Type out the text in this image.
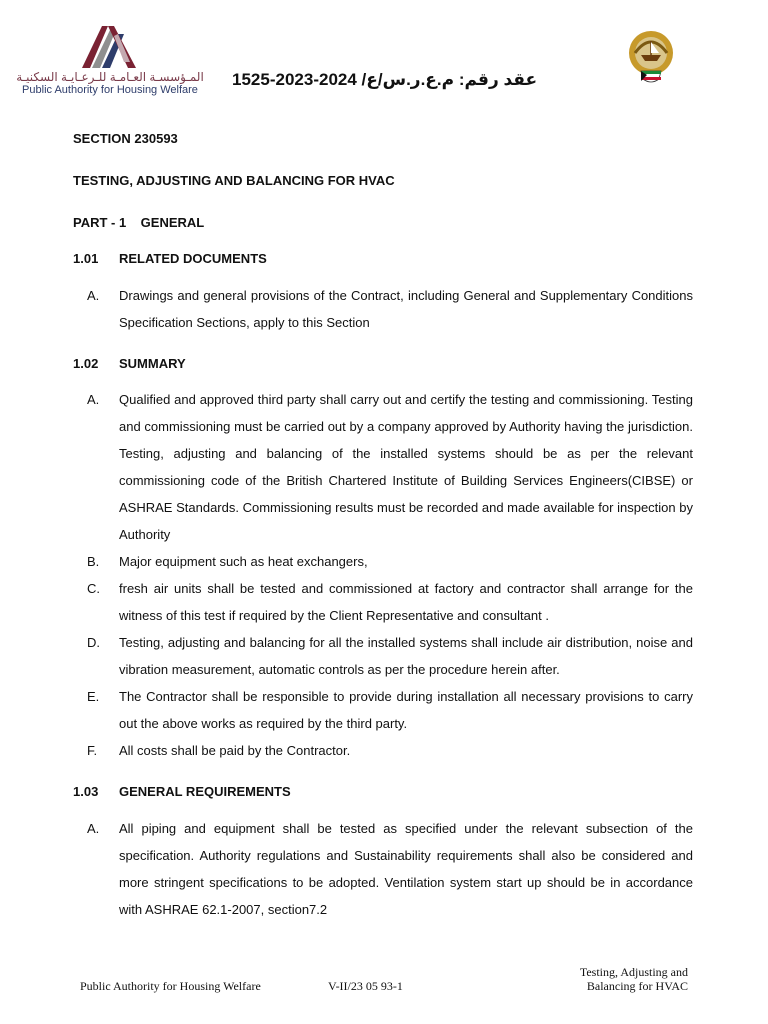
المـؤسسـة العـامـة للـرعـايـة السكنيـة
Public Authority for Housing Welfare
عقد رقم: م.ع.ر.س/ع/ 2024-2023-1525
SECTION 230593
TESTING, ADJUSTING AND BALANCING FOR HVAC
PART - 1 GENERAL
1.01 RELATED DOCUMENTS
A. Drawings and general provisions of the Contract, including General and Supplementary Conditions Specification Sections, apply to this Section
1.02 SUMMARY
A. Qualified and approved third party shall carry out and certify the testing and commissioning. Testing and commissioning must be carried out by a company approved by Authority having the jurisdiction. Testing, adjusting and balancing of the installed systems should be as per the relevant commissioning code of the British Chartered Institute of Building Services Engineers(CIBSE) or ASHRAE Standards. Commissioning results must be recorded and made available for inspection by Authority
B. Major equipment such as heat exchangers,
C. fresh air units shall be tested and commissioned at factory and contractor shall arrange for the witness of this test if required by the Client Representative and consultant .
D. Testing, adjusting and balancing for all the installed systems shall include air distribution, noise and vibration measurement, automatic controls as per the procedure herein after.
E. The Contractor shall be responsible to provide during installation all necessary provisions to carry out the above works as required by the third party.
F. All costs shall be paid by the Contractor.
1.03 GENERAL REQUIREMENTS
A. All piping and equipment shall be tested as specified under the relevant subsection of the specification. Authority regulations and Sustainability requirements shall also be considered and more stringent specifications to be adopted. Ventilation system start up should be in accordance with ASHRAE 62.1-2007, section7.2
Public Authority for Housing Welfare	V-II/23 05 93-1
Testing, Adjusting and
Balancing for HVAC
